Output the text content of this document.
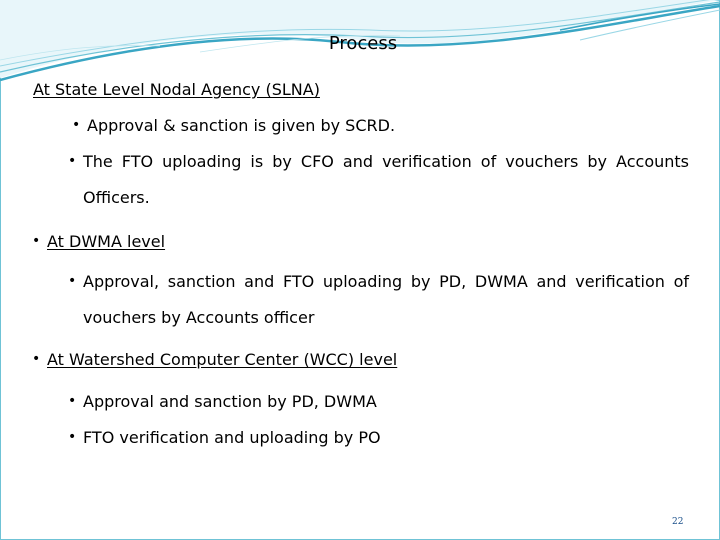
Process
At State Level Nodal Agency (SLNA)
• Approval & sanction is given by SCRD.
• The FTO uploading is by CFO and verification of vouchers by Accounts
Officers.
• At DWMA level
• Approval, sanction and FTO uploading by PD, DWMA and verification of
vouchers by Accounts officer
• At Watershed Computer Center (WCC) level
• Approval and sanction by PD, DWMA
• FTO verification and uploading by PO
22
